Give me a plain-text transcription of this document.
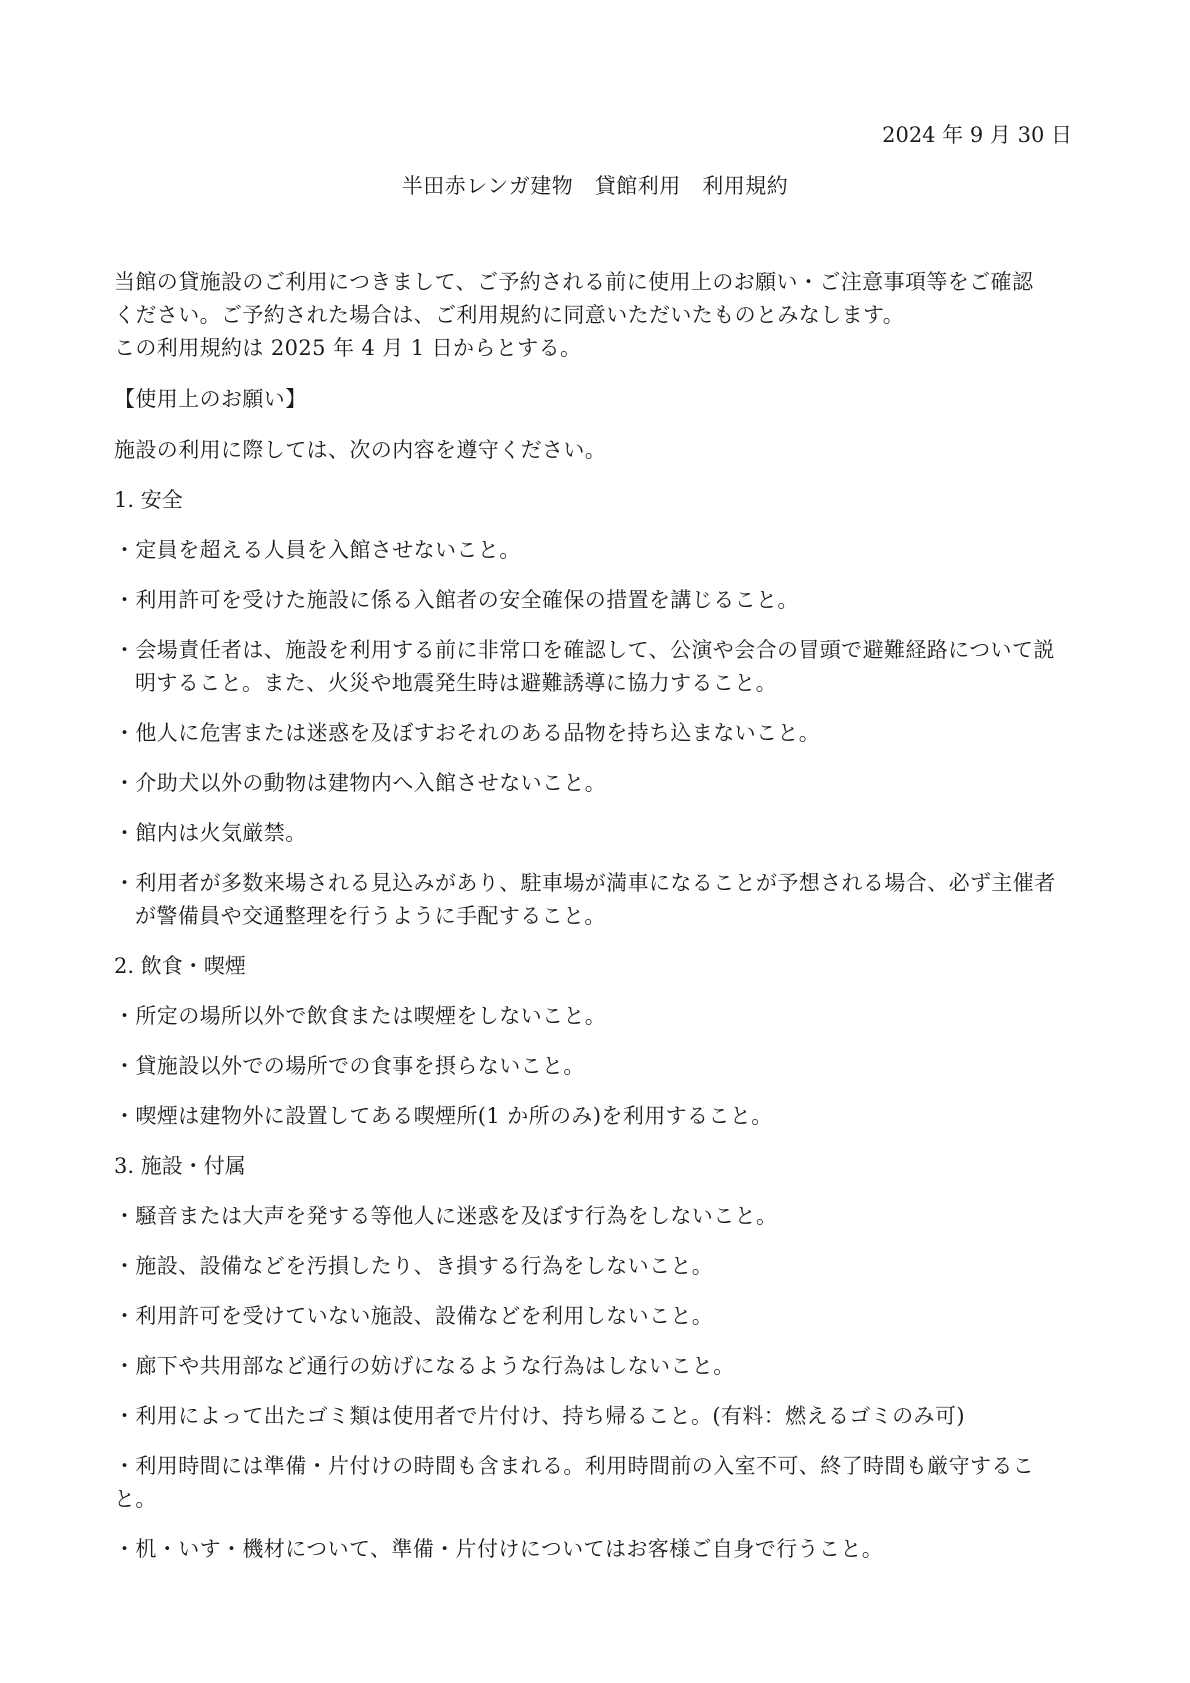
2024 年 9 月 30 日
半田赤レンガ建物　貸館利用　利用規約

当館の貸施設のご利用につきまして、ご予約される前に使用上のお願い・ご注意事項等をご確認

ください。ご予約された場合は、ご利用規約に同意いただいたものとみなします。

この利用規約は 2025 年 4 月 1 日からとする。

【使用上のお願い】

施設の利用に際しては、次の内容を遵守ください。

1. 安全

・定員を超える人員を入館させないこと。

・利用許可を受けた施設に係る入館者の安全確保の措置を講じること。

・会場責任者は、施設を利用する前に非常口を確認して、公演や会合の冒頭で避難経路について説明すること。また、火災や地震発生時は避難誘導に協力すること。

・他人に危害または迷惑を及ぼすおそれのある品物を持ち込まないこと。

・介助犬以外の動物は建物内へ入館させないこと。

・館内は火気厳禁。

・利用者が多数来場される見込みがあり、駐車場が満車になることが予想される場合、必ず主催者が警備員や交通整理を行うように手配すること。

2. 飲食・喫煙

・所定の場所以外で飲食または喫煙をしないこと。

・貸施設以外での場所での食事を摂らないこと。

・喫煙は建物外に設置してある喫煙所(1 か所のみ)を利用すること。

3. 施設・付属

・騒音または大声を発する等他人に迷惑を及ぼす行為をしないこと。

・施設、設備などを汚損したり、き損する行為をしないこと。

・利用許可を受けていない施設、設備などを利用しないこと。

・廊下や共用部など通行の妨げになるような行為はしないこと。

・利用によって出たゴミ類は使用者で片付け、持ち帰ること。(有料：燃えるゴミのみ可)

・利用時間には準備・片付けの時間も含まれる。利用時間前の入室不可、終了時間も厳守すること。

・机・いす・機材について、準備・片付けについてはお客様ご自身で行うこと。
